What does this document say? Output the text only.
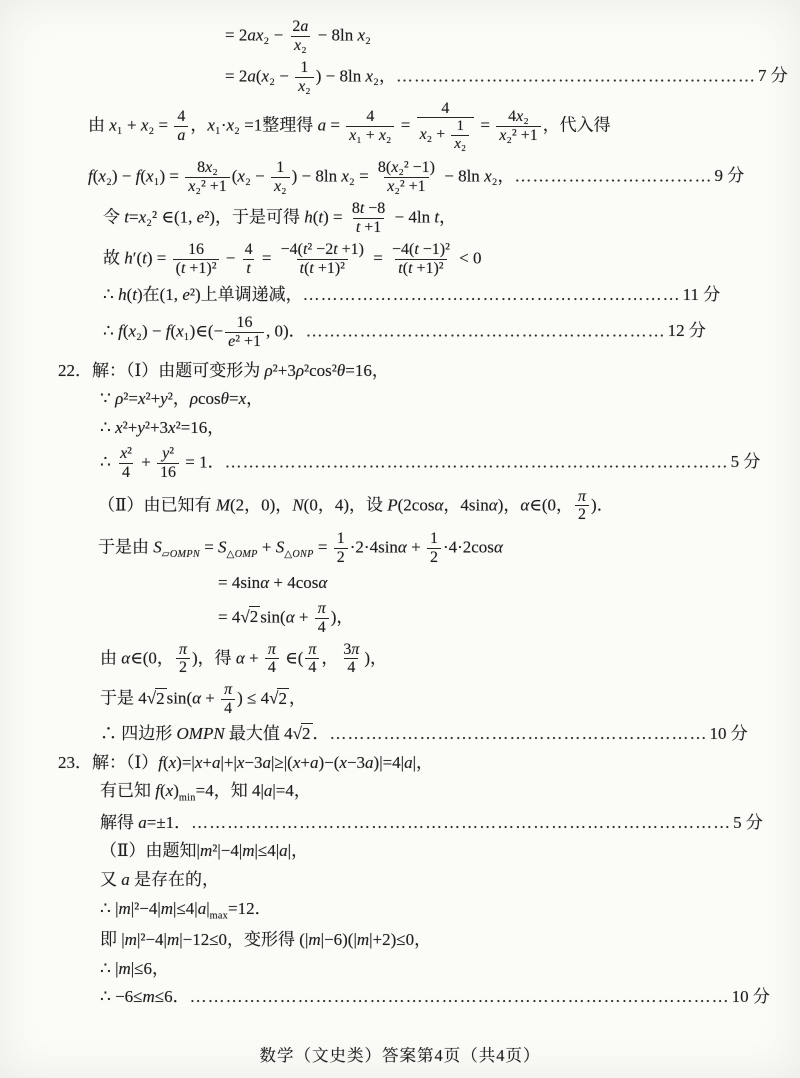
= $2ax_2 - \frac{2a}{\text{x₂}} - 8\ln$ x₂
= $2a(x_2 - \frac{1}{\text{x₂}}$ ) − 8ln x₂，…………………………………………………… 7 分
由 $x_1 + x_2 = \frac{4}{a}$ ，x₁·x₂ =1整理得 $a = \frac{4}{\text{x₁ + x₂}} = \frac{4}{x_2 + \frac{1}{\text{x₂}}} = \frac{\text{4x₂}}{\text{x₂² +1}}$ ，代入得
$f(x_2) - f(x_1) = \frac{\text{8x₂}}{\text{x₂² +1}} (x_2 - \frac{1}{\text{x₂}}$ ) − 8ln $x_2 = \frac{\text{8(x₂² −1)}}{\text{x₂² +1}} - 8\ln$ x₂，…………………………… 9 分
令 t=x₂² ∈(1, e²)，于是可得 $h(t) = \frac{8t -8}{t +1} - 4\ln$ t，
故 $h'(t) = \frac{16}{\text{(t +1)²}} - \frac{4}{t} = \frac{\text{−4(t² −2t +1)}}{\text{t(t +1)²}} = \frac{\text{−4(t −1)²}}{\text{t(t +1)²}} < 0$
∴ h(t)在(1, e²)上单调递减，……………………………………………………… 11 分
∴ f(x₂) − f(x₁)∈(− $\frac{16}{\text{e² +1}}$ , 0)．…………………………………………………… 12 分
22．解：（Ⅰ）由题可变形为 ρ²+3ρ²cos²θ=16，
∵ ρ²=x²+y²，ρcosθ=x，
∴ x²+y²+3x²=16，
∴ $\frac{\text{x²}}{4} + \frac{\text{y²}}{16} = 1$．………………………………………………………………………… 5 分
（Ⅱ）由已知有 M(2，0)，N(0，4)，设 P(2cosα，4sinα)，α∈(0， $\frac{\pi}{2}$ )．
于是由 $S_{▱OMPN} = S_{\triangle OMP} + S_{\triangle ONP} = \frac{1}{2} \cdot 2\cdot 4\sin\alpha + \frac{1}{2} \cdot 4\cdot 2\cos\alpha$
= 4sinα + 4cosα
= 4√2 $\sin(\alpha + \frac{\pi}{4}$ )，
由 α∈(0， $\frac{\pi}{2}$ )，得 $\alpha + \frac{\pi}{4}$ ∈( $\frac{\pi}{4}$ ， $\frac{3\pi}{4}$ )，
于是 4√2 $\sin(\alpha + \frac{\pi}{4}$ ) ≤ 4√2 ，
∴ 四边形 OMPN 最大值 4√2 ．……………………………………………………… 10 分
23．解：（Ⅰ）f(x)=|x+a|+|x−3a|≥|(x+a)−(x−3a)|=4|a|，
有已知 $f(x)_{min}=4$，知 4|a|=4，
解得 a=±1．……………………………………………………………………………… 5 分
（Ⅱ）由题知|m²|−4|m|≤4|a|，
又 a 是存在的，
∴ $|m|^2-4|m|\le 4|a|_{max}=12$．
即 |m|²−4|m|−12≤0，变形得 (|m|−6)(|m|+2)≤0，
∴ |m|≤6，
∴ −6≤m≤6．……………………………………………………………………………… 10 分
数学（文史类）答案第4页（共4页）
